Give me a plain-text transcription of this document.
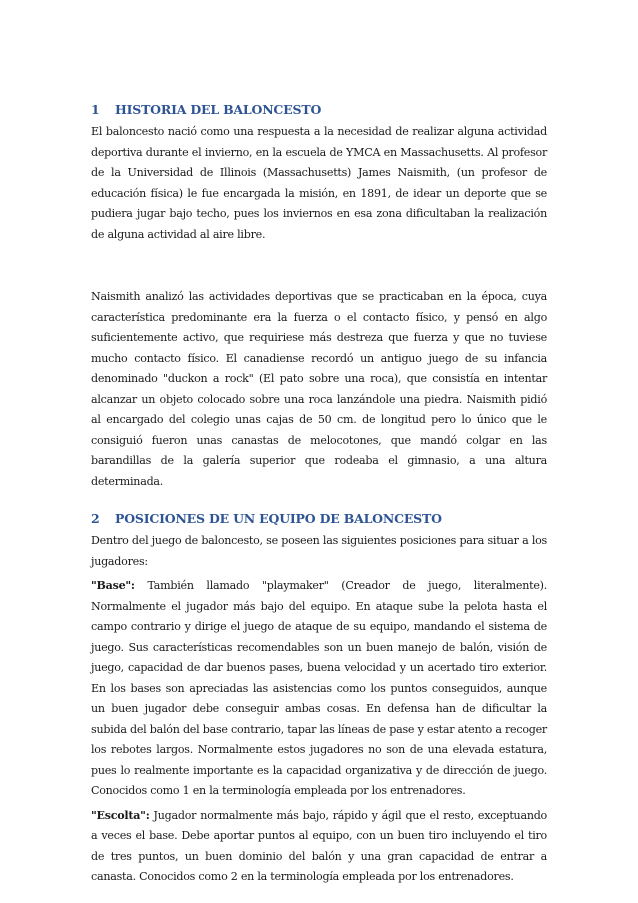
1 HISTORIA DEL BALONCESTO

El baloncesto nació como una respuesta a la necesidad de realizar alguna actividad deportiva durante el invierno, en la escuela de YMCA en Massachusetts. Al profesor de la Universidad de Illinois (Massachusetts) James Naismith, (un profesor de educación física) le fue encargada la misión, en 1891, de idear un deporte que se pudiera jugar bajo techo, pues los inviernos en esa zona dificultaban la realización de alguna actividad al aire libre.

Naismith analizó las actividades deportivas que se practicaban en la época, cuya característica predominante era la fuerza o el contacto físico, y pensó en algo suficientemente activo, que requiriese más destreza que fuerza y que no tuviese mucho contacto físico. El canadiense recordó un antiguo juego de su infancia denominado "duckon a rock" (El pato sobre una roca), que consistía en intentar alcanzar un objeto colocado sobre una roca lanzándole una piedra. Naismith pidió al encargado del colegio unas cajas de 50 cm. de longitud pero lo único que le consiguió fueron unas canastas de melocotones, que mandó colgar en las barandillas de la galería superior que rodeaba el gimnasio, a una altura determinada.

2 POSICIONES DE UN EQUIPO DE BALONCESTO

Dentro del juego de baloncesto, se poseen las siguientes posiciones para situar a los jugadores:

"Base": También llamado "playmaker" (Creador de juego, literalmente). Normalmente el jugador más bajo del equipo. En ataque sube la pelota hasta el campo contrario y dirige el juego de ataque de su equipo, mandando el sistema de juego. Sus características recomendables son un buen manejo de balón, visión de juego, capacidad de dar buenos pases, buena velocidad y un acertado tiro exterior. En los bases son apreciadas las asistencias como los puntos conseguidos, aunque un buen jugador debe conseguir ambas cosas. En defensa han de dificultar la subida del balón del base contrario, tapar las líneas de pase y estar atento a recoger los rebotes largos. Normalmente estos jugadores no son de una elevada estatura, pues lo realmente importante es la capacidad organizativa y de dirección de juego. Conocidos como 1 en la terminología empleada por los entrenadores.

"Escolta": Jugador normalmente más bajo, rápido y ágil que el resto, exceptuando a veces el base. Debe aportar puntos al equipo, con un buen tiro incluyendo el tiro de tres puntos, un buen dominio del balón y una gran capacidad de entrar a canasta. Conocidos como 2 en la terminología empleada por los entrenadores.
